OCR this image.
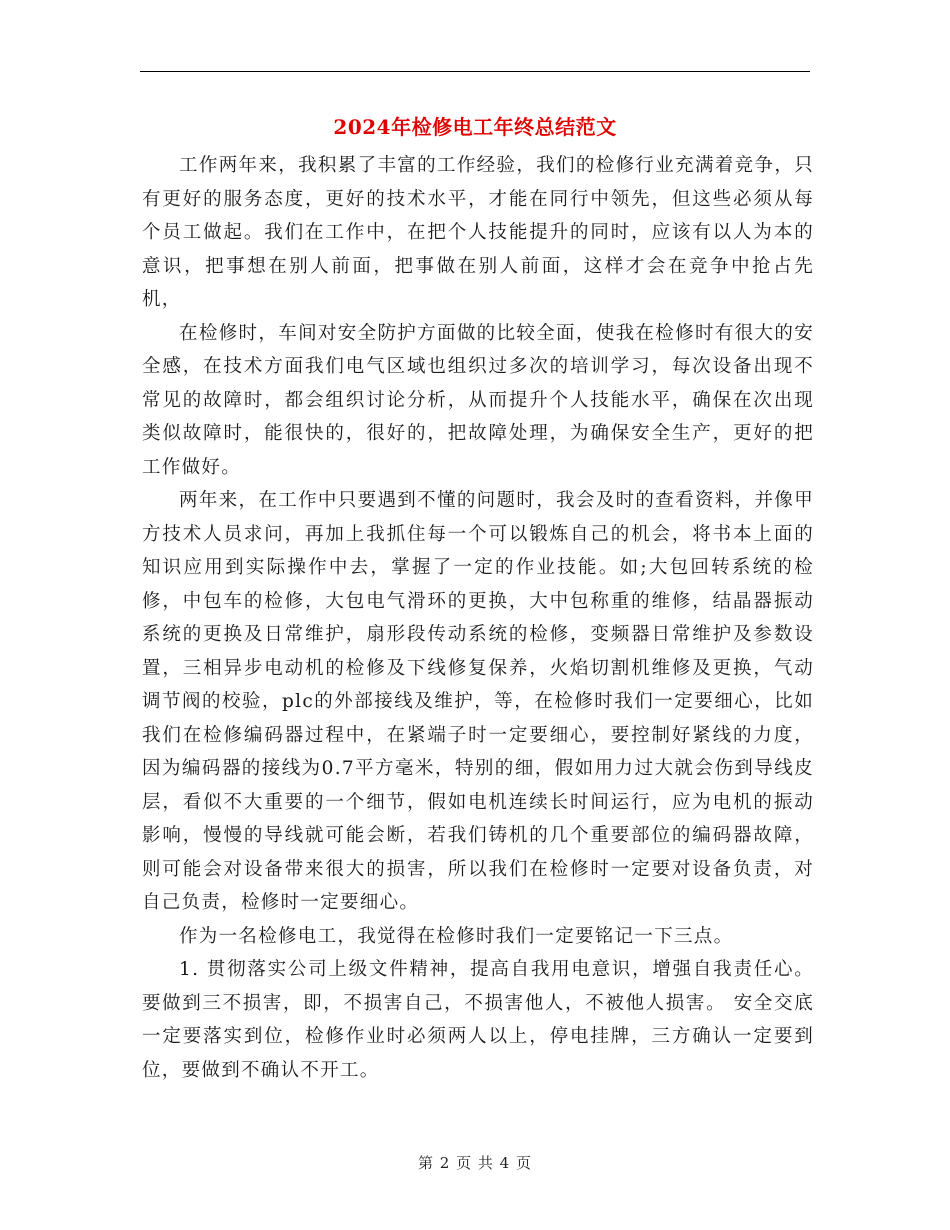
2024年检修电工年终总结范文

工作两年来，我积累了丰富的工作经验，我们的检修行业充满着竞争，只有更好的服务态度，更好的技术水平，才能在同行中领先，但这些必须从每个员工做起。我们在工作中，在把个人技能提升的同时，应该有以人为本的意识，把事想在别人前面，把事做在别人前面，这样才会在竞争中抢占先机，

在检修时，车间对安全防护方面做的比较全面，使我在检修时有很大的安全感，在技术方面我们电气区域也组织过多次的培训学习，每次设备出现不常见的故障时，都会组织讨论分析，从而提升个人技能水平，确保在次出现类似故障时，能很快的，很好的，把故障处理，为确保安全生产，更好的把工作做好。

两年来，在工作中只要遇到不懂的问题时，我会及时的查看资料，并像甲方技术人员求问，再加上我抓住每一个可以锻炼自己的机会，将书本上面的知识应用到实际操作中去，掌握了一定的作业技能。如;大包回转系统的检修，中包车的检修，大包电气滑环的更换，大中包称重的维修，结晶器振动系统的更换及日常维护，扇形段传动系统的检修，变频器日常维护及参数设置，三相异步电动机的检修及下线修复保养，火焰切割机维修及更换，气动调节阀的校验，plc的外部接线及维护，等，在检修时我们一定要细心，比如我们在检修编码器过程中，在紧端子时一定要细心，要控制好紧线的力度，因为编码器的接线为0.7平方毫米，特别的细，假如用力过大就会伤到导线皮层，看似不大重要的一个细节，假如电机连续长时间运行，应为电机的振动影响，慢慢的导线就可能会断，若我们铸机的几个重要部位的编码器故障，则可能会对设备带来很大的损害，所以我们在检修时一定要对设备负责，对自己负责，检修时一定要细心。

作为一名检修电工，我觉得在检修时我们一定要铭记一下三点。

1. 贯彻落实公司上级文件精神，提高自我用电意识，增强自我责任心。 要做到三不损害，即，不损害自己，不损害他人，不被他人损害。 安全交底一定要落实到位，检修作业时必须两人以上，停电挂牌，三方确认一定要到位，要做到不确认不开工。

第 2 页 共 4 页
